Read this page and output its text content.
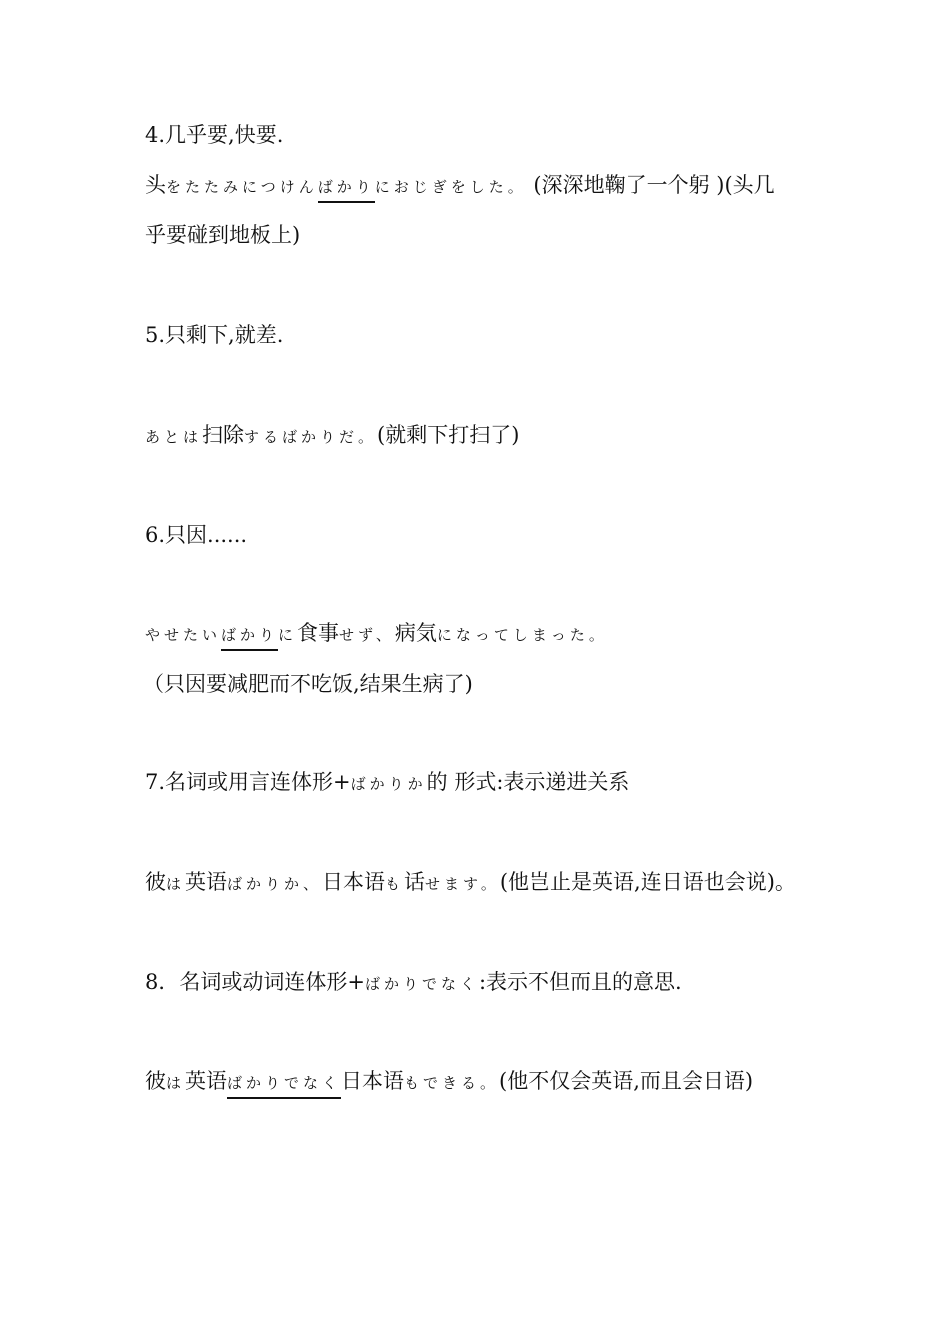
4.几乎要,快要.
头をたたみにつけんばかりにおじぎをした。 (深深地鞠了一个躬 )(头几
乎要碰到地板上)
5.只剩下,就差.
あとは扫除するばかりだ。(就剩下打扫了)
6.只因......
やせたいばかりに食事せず、病気になってしまった。
（只因要减肥而不吃饭,结果生病了)
7.名词或用言连体形+ばかりか的 形式:表示递进关系
彼は英语ばかりか、日本语も话せます。(他岂止是英语,连日语也会说)。
8．名词或动词连体形+ばかりでなく:表示不但而且的意思.
彼は英语ばかりでなく日本语もできる。(他不仅会英语,而且会日语)
